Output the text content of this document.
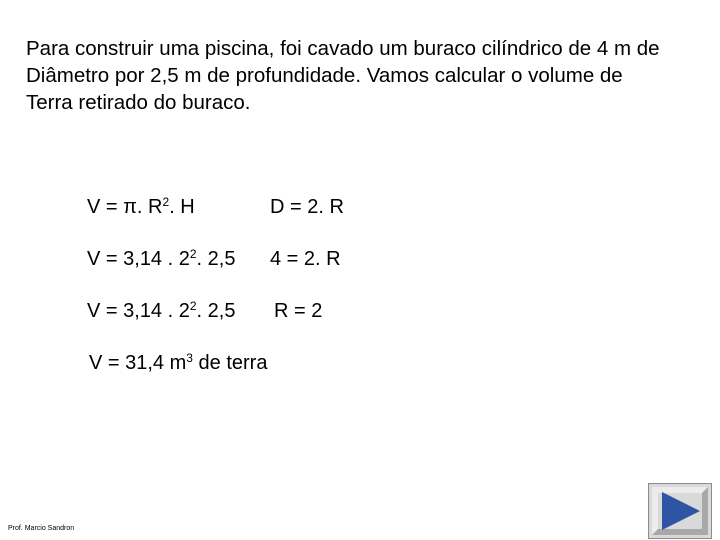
Para construir uma piscina, foi cavado um buraco cilíndrico de 4 m de
Diâmetro por 2,5 m de profundidade. Vamos calcular o volume de
Terra retirado do buraco.
V = π. $R^2$. H
V = 3,14 . $2^2$. 2,5
V = 3,14 . $2^2$. 2,5
D = 2. R
4 = 2. R
R = 2
V = 31,4 $m^3$ de terra
Prof. Marcio Sandron
